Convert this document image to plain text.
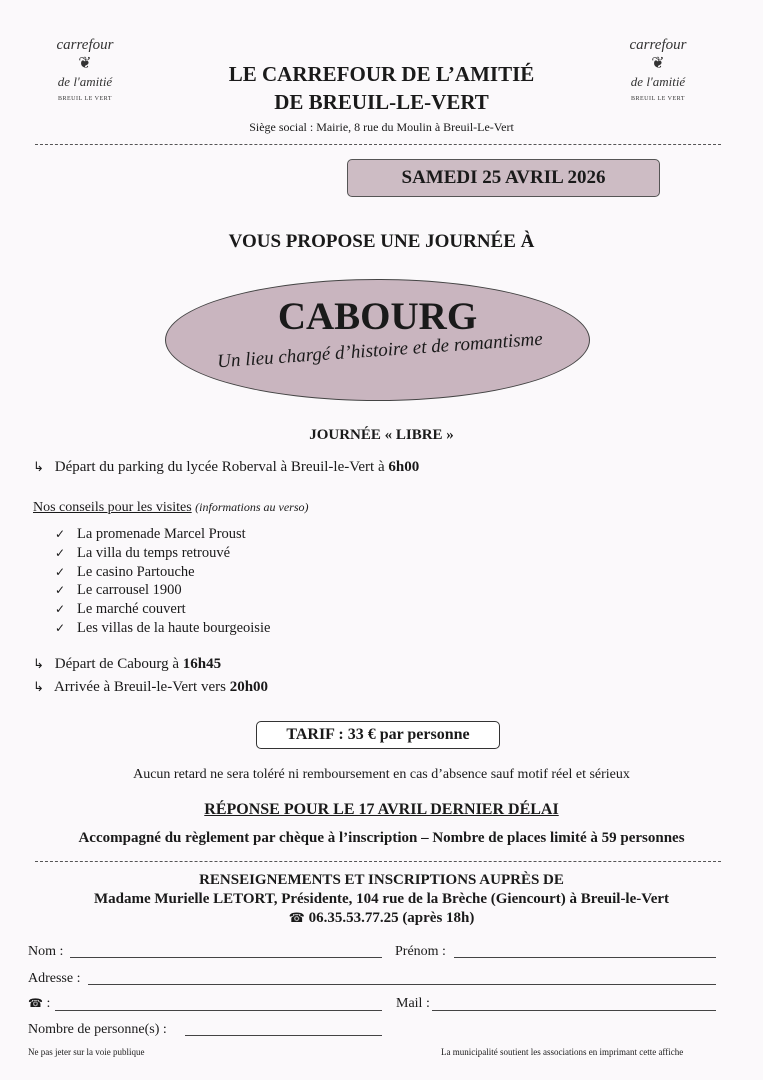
carrefour
❦
de l'amitié
BREUIL LE VERT
carrefour
❦
de l'amitié
BREUIL LE VERT
LE CARREFOUR DE L’AMITIÉ
DE BREUIL-LE-VERT
Siège social : Mairie, 8 rue du Moulin à Breuil-Le-Vert
SAMEDI 25 AVRIL 2026
VOUS PROPOSE UNE JOURNÉE À
CABOURG
Un lieu chargé d’histoire et de romantisme
JOURNÉE « LIBRE »
↳ Départ du parking du lycée Roberval à Breuil-le-Vert à 6h00
Nos conseils pour les visites (informations au verso)
✓ La promenade Marcel Proust
✓ La villa du temps retrouvé
✓ Le casino Partouche
✓ Le carrousel 1900
✓ Le marché couvert
✓ Les villas de la haute bourgeoisie
↳ Départ de Cabourg à 16h45
↳ Arrivée à Breuil-le-Vert vers 20h00
TARIF : 33 € par personne
Aucun retard ne sera toléré ni remboursement en cas d’absence sauf motif réel et sérieux
RÉPONSE POUR LE 17 AVRIL DERNIER DÉLAI
Accompagné du règlement par chèque à l’inscription – Nombre de places limité à 59 personnes
RENSEIGNEMENTS ET INSCRIPTIONS AUPRÈS DE
Madame Murielle LETORT, Présidente, 104 rue de la Brèche (Giencourt) à Breuil-le-Vert
☎ 06.35.53.77.25 (après 18h)
Nom :	Prénom :
Adresse :
☎ :	Mail :
Nombre de personne(s) :
Ne pas jeter sur la voie publique	La municipalité soutient les associations en imprimant cette affiche
